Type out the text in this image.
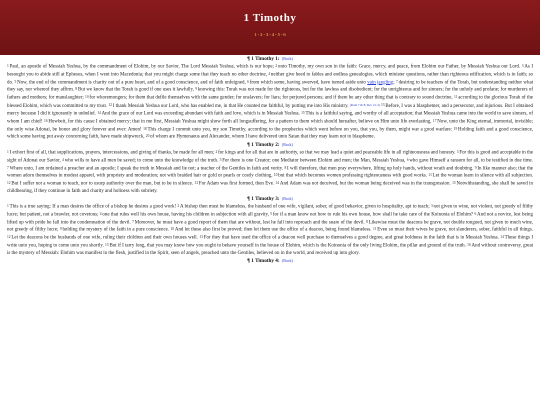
1 Timothy
1-2-3-4-5-6
¶ 1 Timothy 1: (Back)

1Paul, an apostle of Messiah Yeshua, by the commandment of Elohim, by our Savior, The Lord Messiah Yeshua, which is our hope; 2unto Timothy, my own son in the faith: Grace, mercy, and peace, from Elohim our Father, by Messiah Yeshua our Lord. 3As I besought you to abide still at Ephesus, when I went into Macedonia; that you might charge some that they teach no other doctrine, 4neither give heed to fables and endless genealogies, which minister questions, rather than righteous edification, which is in faith; so do. 5Now, the end of the commandment is charity out of a pure heart, and of a good conscience, and of faith unfeigned, 6from which some, having swerved, have turned aside unto vain jangling; 7desiring to be teachers of the Torah, but understanding neither what they say, nor whereof they affirm. 8But we know that the Torah is good if one uses it lawfully, 9knowing this: Torah was not made for the righteous, but for the lawless and disobedient; for the unrighteous and for sinners; for the unholy and profane; for murderers of fathers and mothers; for manslaughter; 10for whoremongers; for them that defile themselves with the same gender; for enslavers; for liars; for perjured persons; and if there be any other thing that is contrary to sound doctrine, 11according to the glorious Torah of the blessed Elohim, which was committed to my trust. 12I thank Messiah Yeshua our Lord, who has enabled me, in that He counted me faithful, by putting me into His ministry. $^{(Rom 7 \& 8; Rev 21-3)}$ 13Before, I was a blasphemer, and a persecutor, and injurious. But I obtained mercy because I did it ignorantly in unbelief. 14And the grace of our Lord was exceeding abundant with faith and love, which is in Messiah Yeshua. 15This is a faithful saying, and worthy of all acceptation; that Messiah Yeshua came into the world to save sinners, of whom I am chief! 16Howbeit, for this cause I obtained mercy; that in me first, Messiah Yeshua might show forth all longsuffering, for a pattern to them which should hereafter, believe on Him unto life everlasting. 17Now, unto the King eternal, immortal, invisible; the only wise Adonai, be honor and glory forever and ever: Amen! 18This charge I commit unto you, my son Timothy, according to the prophecies which went before on you, that you, by them, might war a good warfare: 19Holding faith and a good conscience, which some having put away concerning faith, have made shipwreck, 20of whom are Hymenaeus and Alexander, whom I have delivered unto Satan that they may learn not to blaspheme.

¶ 1 Timothy 2: (Back)

1I exhort first of all, that supplications, prayers, intercessions, and giving of thanks, be made for all men; 2for kings and for all that are in authority, so that we may lead a quiet and peaceable life in all righteousness and honesty. 3For this is good and acceptable in the sight of Adonai our Savior, 4who wills to have all men be saved; to come unto the knowledge of the truth. 5For there is one Creator; one Mediator between Elohim and men; the Man, Messiah Yeshua, 6who gave Himself a ransom for all, to be testified in due time. 7Where unto, I am ordained a preacher and an apostle; I speak the truth in Messiah and lie not; a teacher of the Gentiles in faith and verity. 8I will therefore, that men pray everywhere, lifting up holy hands, without wrath and doubting. 9In like manner also; that the women adorn themselves in modest apparel, with propriety and moderation; not with braided hair or gold or pearls or costly clothing, 10but that which becomes women professing righteousness with good works. 11Let the woman learn in silence with all subjection. 12But I suffer not a woman to teach, nor to usurp authority over the man, but to be in silence. 13For Adam was first formed, then Eve. 14And Adam was not deceived, but the woman being deceived was in the transgression. 15Notwithstanding, she shall be saved in childbearing, if they continue in faith and charity and holiness with sobriety.

¶ 1 Timothy 3: (Back)

1This is a true saying: If a man desires the office of a bishop he desires a good work! 2A bishop then must be blameless, the husband of one wife, vigilant, sober, of good behavior, given to hospitality, apt to teach; 3not given to wine, not violent, not greedy of filthy lucre; but patient, not a brawler, not covetous; 4one that rules well his own house, having his children in subjection with all gravity, 5for if a man know not how to rule his own house, how shall he take care of the Koinonia of Elohim? 6And not a novice, lest being lifted up with pride he fall into the condemnation of the devil. 7Moreover, he must have a good report of them that are without, lest he fall into reproach and the snare of the devil. 8Likewise must the deacons be grave, not double tongued, not given to much wine, not greedy of filthy lucre; 9holding the mystery of the faith in a pure conscience. 10And let these also first be proved; then let them use the office of a deacon, being found blameless. 11Even so must their wives be grave, not slanderers, sober, faithful in all things. 12Let the deacons be the husbands of one wife, ruling their children and their own houses well. 13For they that have used the office of a deacon well purchase to themselves a good degree, and great boldness in the faith that is in Messiah Yeshua. 14These things I write unto you, hoping to come unto you shortly. 15But if I tarry long, that you may know how you ought to behave yourself in the house of Elohim, which is the Koinonia of the only living Elohim, the pillar and ground of the truth. 16And without controversy, great is the mystery of Messiah: Elohim was manifest in the flesh, justified in the Spirit, seen of angels, preached unto the Gentiles, believed on in the world, and received up into glory.

¶ 1 Timothy 4: (Back)
